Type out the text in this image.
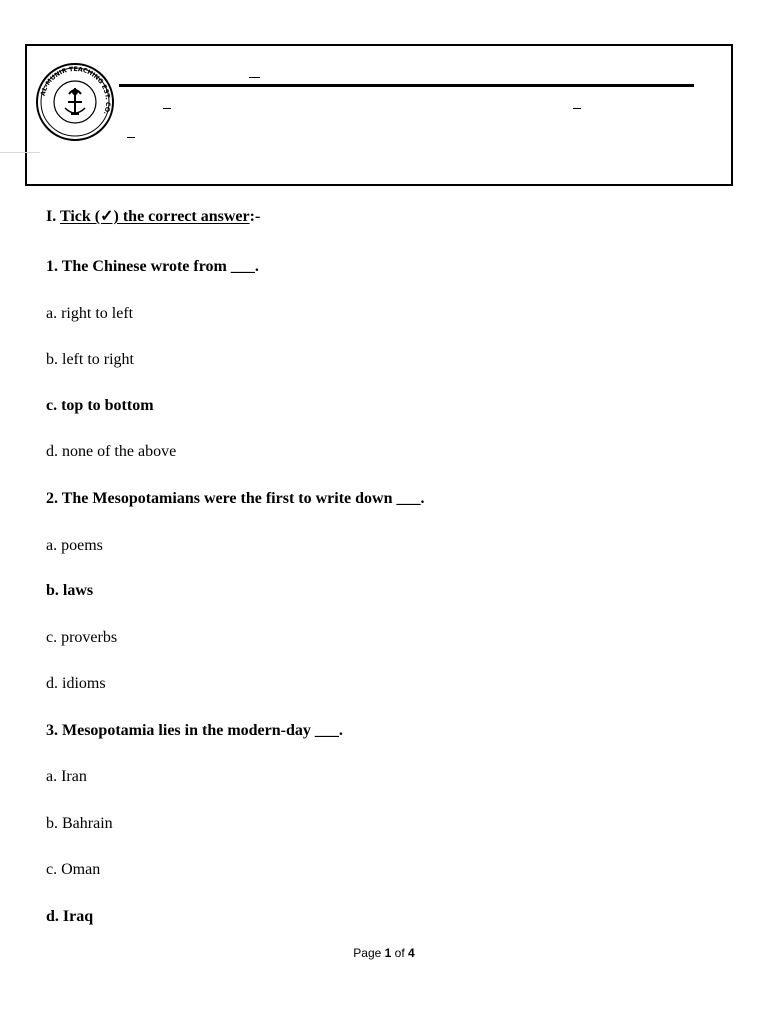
AL-MUNIR TEACHING EST. CO.
I. Tick (✓) the correct answer:-
1. The Chinese wrote from ___.
a. right to left
b. left to right
c. top to bottom
d. none of the above
2. The Mesopotamians were the first to write down ___.
a. poems
b. laws
c. proverbs
d. idioms
3. Mesopotamia lies in the modern-day ___.
a. Iran
b. Bahrain
c. Oman
d. Iraq
Page 1 of 4
